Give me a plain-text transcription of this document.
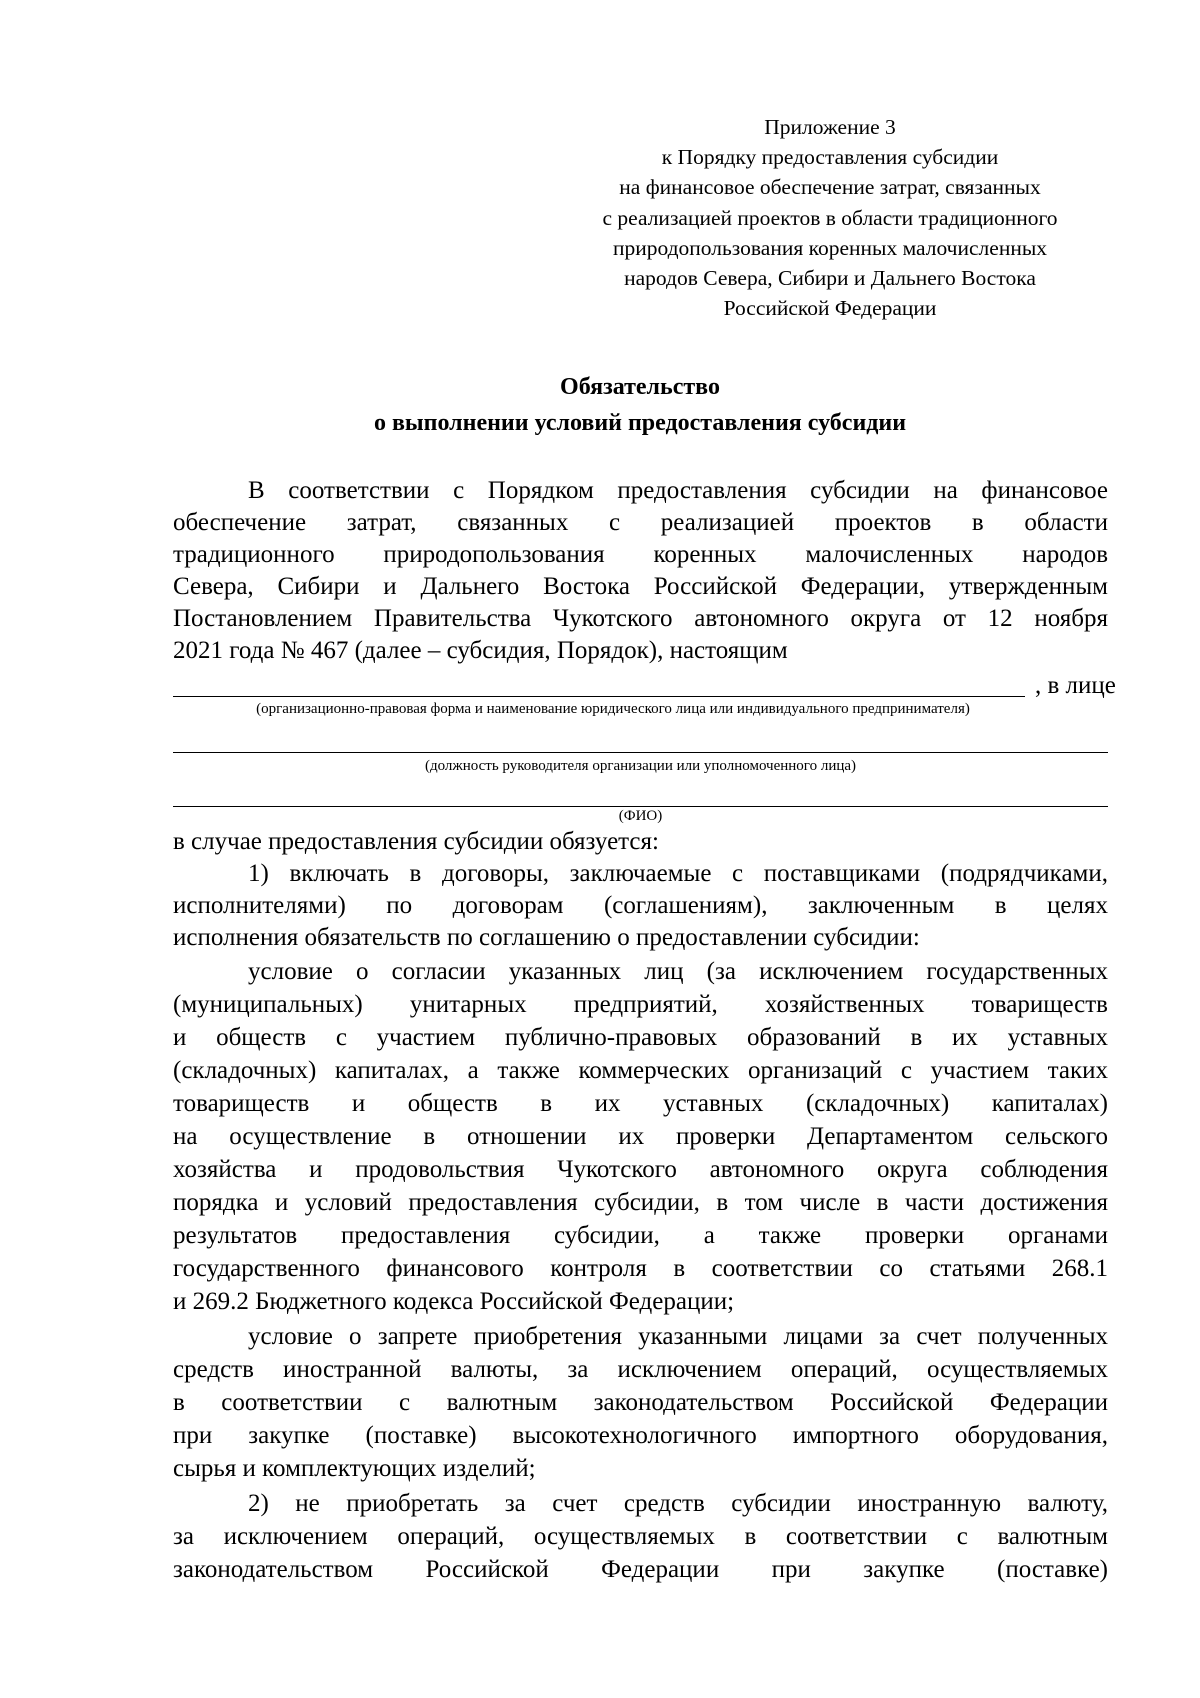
Приложение 3
к Порядку предоставления субсидии
на финансовое обеспечение затрат, связанных
с реализацией проектов в области традиционного
природопользования коренных малочисленных
народов Севера, Сибири и Дальнего Востока
Российской Федерации
Обязательство
о выполнении условий предоставления субсидии
В соответствии с Порядком предоставления субсидии на финансовое
обеспечение затрат, связанных с реализацией проектов в области
традиционного природопользования коренных малочисленных народов
Севера, Сибири и Дальнего Востока Российской Федерации, утвержденным
Постановлением Правительства Чукотского автономного округа от 12 ноября
2021 года № 467 (далее – субсидия, Порядок), настоящим
, в лице
(организационно-правовая форма и наименование юридического лица или индивидуального предпринимателя)
(должность руководителя организации или уполномоченного лица)
(ФИО)
в случае предоставления субсидии обязуется:
1) включать в договоры, заключаемые с поставщиками (подрядчиками,
исполнителями) по договорам (соглашениям), заключенным в целях
исполнения обязательств по соглашению о предоставлении субсидии:
условие о согласии указанных лиц (за исключением государственных
(муниципальных) унитарных предприятий, хозяйственных товариществ
и обществ с участием публично-правовых образований в их уставных
(складочных) капиталах, а также коммерческих организаций с участием таких
товариществ и обществ в их уставных (складочных) капиталах)
на осуществление в отношении их проверки Департаментом сельского
хозяйства и продовольствия Чукотского автономного округа соблюдения
порядка и условий предоставления субсидии, в том числе в части достижения
результатов предоставления субсидии, а также проверки органами
государственного финансового контроля в соответствии со статьями 268.1
и 269.2 Бюджетного кодекса Российской Федерации;
условие о запрете приобретения указанными лицами за счет полученных
средств иностранной валюты, за исключением операций, осуществляемых
в соответствии с валютным законодательством Российской Федерации
при закупке (поставке) высокотехнологичного импортного оборудования,
сырья и комплектующих изделий;
2) не приобретать за счет средств субсидии иностранную валюту,
за исключением операций, осуществляемых в соответствии с валютным
законодательством Российской Федерации при закупке (поставке)
